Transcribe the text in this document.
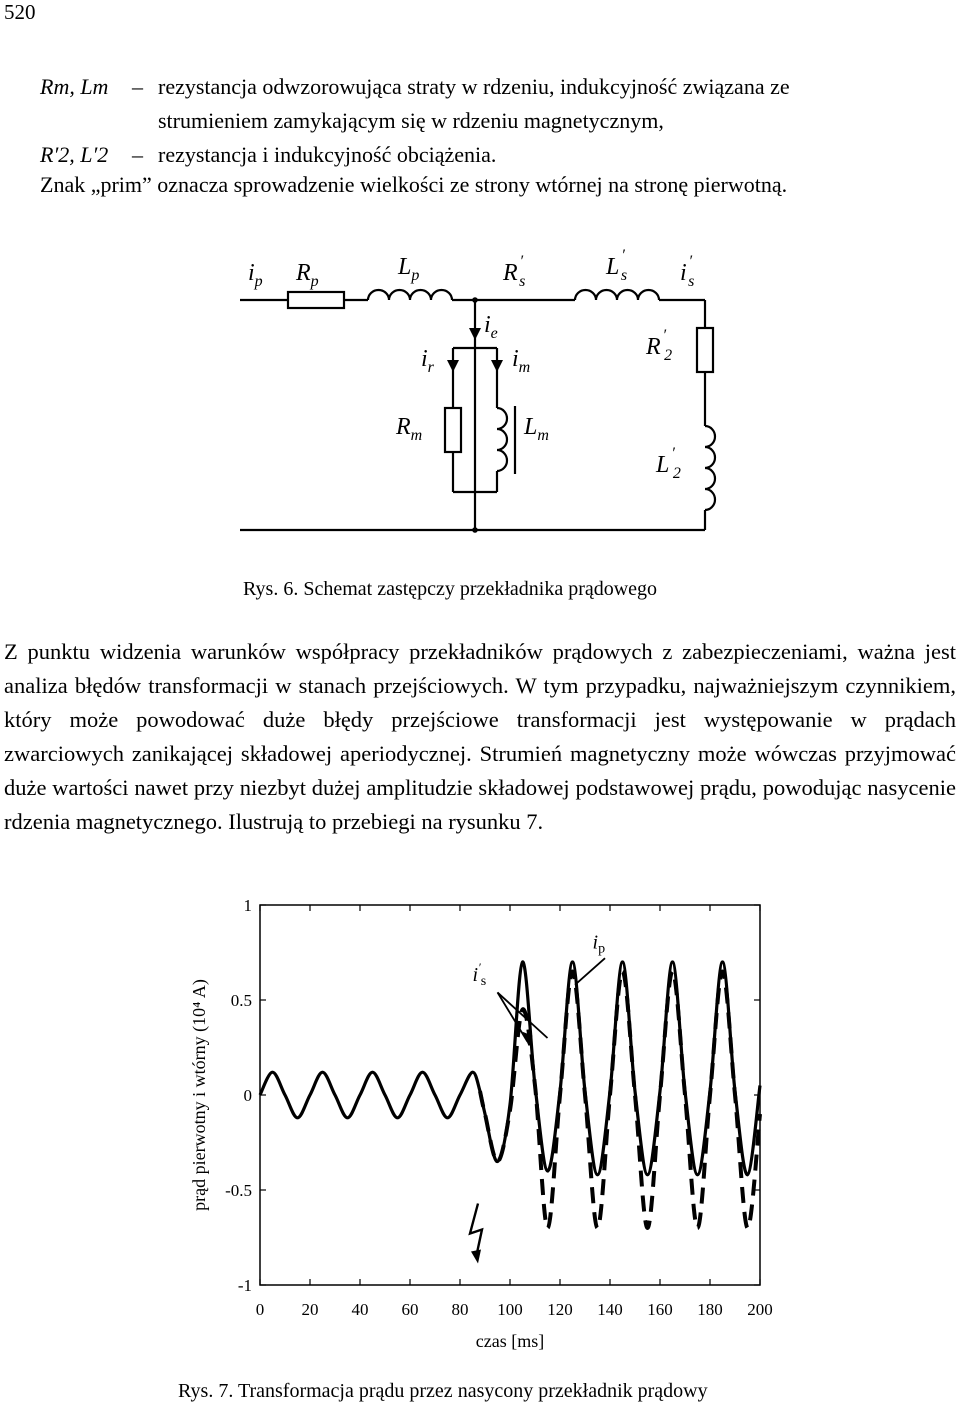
520
Rm, Lm	– rezystancja odwzorowująca straty w rdzeniu, indukcyjność związana ze
strumieniem zamykającym się w rdzeniu magnetycznym,
R′2, L′2	– rezystancja i indukcyjność obciążenia.
Znak „prim” oznacza sprowadzenie wielkości ze strony wtórnej na stronę pierwotną.
$i_p$ $R_p$
$L_p$	R ′ s
L ′ s i ′ s
$i_e$
$i_r$	$i_m$
R ′ 2
$R_m$	$L_m$
L ′ 2
Rys. 6. Schemat zastępczy przekładnika prądowego
Z punktu widzenia warunków współpracy przekładników prądowych z zabezpieczeniami, ważna jest analiza błędów transformacji w stanach przejściowych. W tym przypadku, najważniejszym czynnikiem, który może powodować duże błędy przejściowe transformacji jest występowanie w prądach zwarciowych zanikającej składowej aperiodycznej. Strumień magnetyczny może wówczas przyjmować duże wartości nawet przy niezbyt dużej amplitudzie składowej podstawowej prądu, powodując nasycenie rdzenia magnetycznego. Ilustrują to przebiegi na rysunku 7.
0 20 40 60 80 100 120 140 160 180 200
1
0.5
0
-0.5
-1
czas [ms]
prąd pierwotny i wtórny (10⁴ A)
$i_p$
$i'_s$
Rys. 7. Transformacja prądu przez nasycony przekładnik prądowy
